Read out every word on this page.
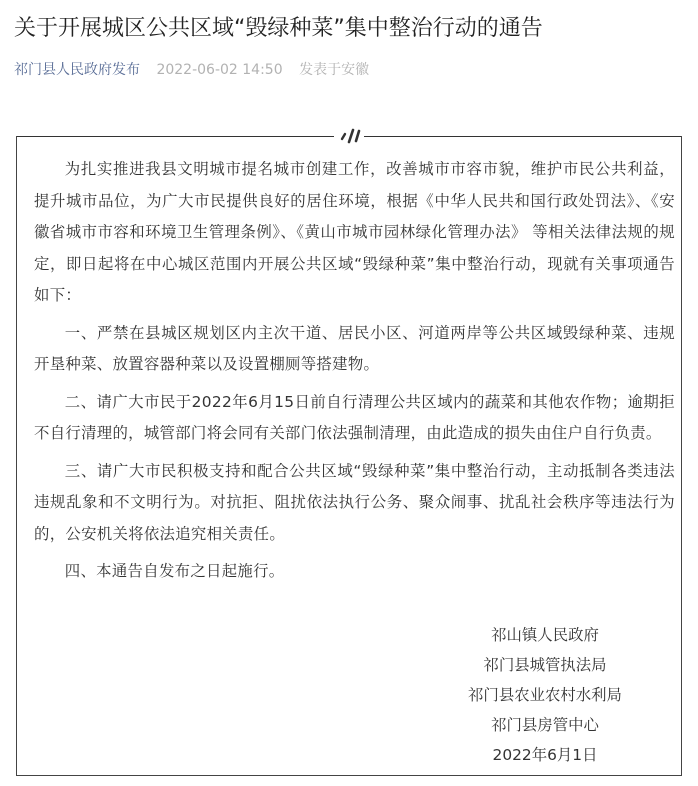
关于开展城区公共区域“毁绿种菜”集中整治行动的通告
祁门县人民政府发布 2022-06-02 14:50 发表于安徽

为扎实推进我县文明城市提名城市创建工作，改善城市市容市貌，维护市民公共利益，提升城市品位，为广大市民提供良好的居住环境，根据《中华人民共和国行政处罚法》、《安徽省城市市容和环境卫生管理条例》、《黄山市城市园林绿化管理办法》 等相关法律法规的规定，即日起将在中心城区范围内开展公共区域“毁绿种菜”集中整治行动，现就有关事项通告如下：

一、严禁在县城区规划区内主次干道、居民小区、河道两岸等公共区域毁绿种菜、违规开垦种菜、放置容器种菜以及设置棚厕等搭建物。

二、请广大市民于2022年6月15日前自行清理公共区域内的蔬菜和其他农作物；逾期拒不自行清理的，城管部门将会同有关部门依法强制清理，由此造成的损失由住户自行负责。

三、请广大市民积极支持和配合公共区域“毁绿种菜”集中整治行动，主动抵制各类违法违规乱象和不文明行为。对抗拒、阻扰依法执行公务、聚众闹事、扰乱社会秩序等违法行为的，公安机关将依法追究相关责任。

四、本通告自发布之日起施行。

祁山镇人民政府
祁门县城管执法局
祁门县农业农村水利局
祁门县房管中心
2022年6月1日
